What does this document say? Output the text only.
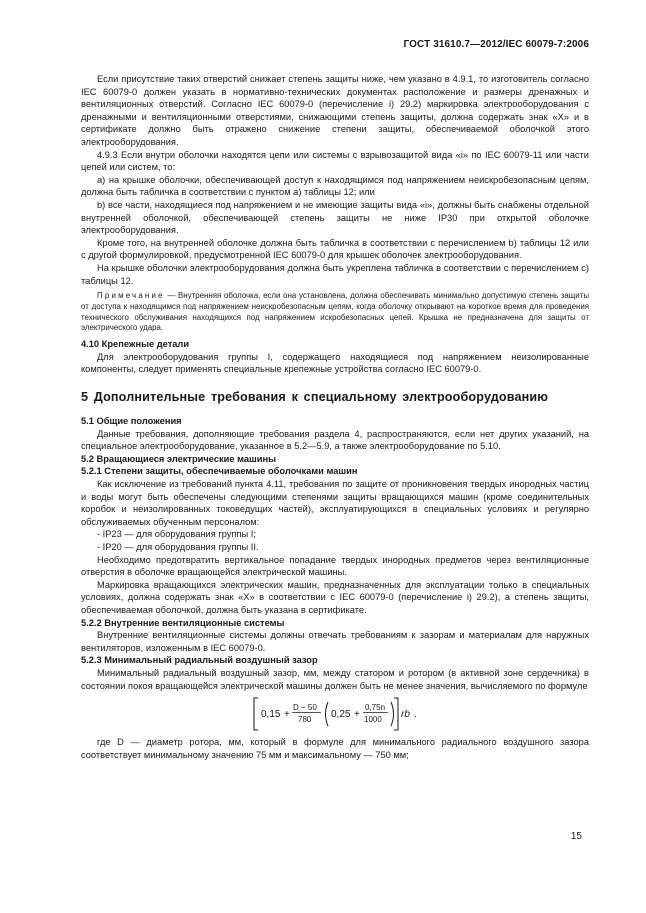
ГОСТ 31610.7—2012/IEC 60079-7:2006

Если присутствие таких отверстий снижает степень защиты ниже, чем указано в 4.9.1, то изготовитель согласно IEC 60079-0 должен указать в нормативно-технических документах расположение и размеры дренажных и вентиляционных отверстий. Согласно IEC 60079-0 (перечисление i) 29.2) маркировка электрооборудования с дренажными и вентиляционными отверстиями, снижающими степень защиты, должна содержать знак «Х» и в сертификате должно быть отражено снижение степени защиты, обеспечиваемой оболочкой этого электрооборудования.

4.9.3 Если внутри оболочки находятся цепи или системы с взрывозащитой вида «i» по IEC 60079-11 или части цепей или систем, то:

а) на крышке оболочки, обеспечивающей доступ к находящимся под напряжением неискробезопасным цепям, должна быть табличка в соответствии с пунктом а) таблицы 12; или

b) все части, находящиеся под напряжением и не имеющие защиты вида «i», должны быть снабжены отдельной внутренней оболочкой, обеспечивающей степень защиты не ниже IP30 при открытой оболочке электрооборудования.

Кроме того, на внутренней оболочке должна быть табличка в соответствии с перечислением b) таблицы 12 или с другой формулировкой, предусмотренной IEC 60079-0 для крышек оболочек электрооборудования.

На крышке оболочки электрооборудования должна быть укреплена табличка в соответствии с перечислением с) таблицы 12.

Примечание — Внутренняя оболочка, если она установлена, должна обеспечивать минимально допустимую степень защиты от доступа к находящимся под напряжением неискробезопасным цепям, когда оболочку открывают на короткое время для проведения технического обслуживания находящихся под напряжением искробезопасных цепей. Крышка не предназначена для защиты от электрического удара.

4.10 Крепежные детали

Для электрооборудования группы I, содержащего находящиеся под напряжением неизолированные компоненты, следует применять специальные крепежные устройства согласно IEC 60079-0.

5 Дополнительные требования к специальному электрооборудованию

5.1 Общие положения

Данные требования, дополняющие требования раздела 4, распространяются, если нет других указаний, на специальное электрооборудование, указанное в 5.2—5.9, а также электрооборудование по 5.10.

5.2 Вращающиеся электрические машины

5.2.1 Степени защиты, обеспечиваемые оболочками машин

Как исключение из требований пункта 4.11, требования по защите от проникновения твердых инородных частиц и воды могут быть обеспечены следующими степенями защиты вращающихся машин (кроме соединительных коробок и неизолированных токоведущих частей), эксплуатирующихся в специальных условиях и регулярно обслуживаемых обученным персоналом:

- IP23 — для оборудования группы I;

- IP20 — для оборудования группы II.

Необходимо предотвратить вертикальное попадание твердых инородных предметов через вентиляционные отверстия в оболочке вращающейся электрической машины.

Маркировка вращающихся электрических машин, предназначенных для эксплуатации только в специальных условиях, должна содержать знак «Х» в соответствии с IEC 60079-0 (перечисление i) 29.2), а степень защиты, обеспечиваемая оболочкой, должна быть указана в сертификате.

5.2.2 Внутренние вентиляционные системы

Внутренние вентиляционные системы должны отвечать требованиям к зазорам и материалам для наружных вентиляторов, изложенным в IEC 60079-0.

5.2.3 Минимальный радиальный воздушный зазор

Минимальный радиальный воздушный зазор, мм, между статором и ротором (в активной зоне сердечника) в состоянии покоя вращающейся электрической машины должен быть не менее значения, вычисляемого по формуле

0,15 +
D − 50
780 0,25 +
0,75n
1000 rb .

где D — диаметр ротора, мм, который в формуле для минимального радиального воздушного зазора соответствует минимальному значению 75 мм и максимальному — 750 мм;

15
